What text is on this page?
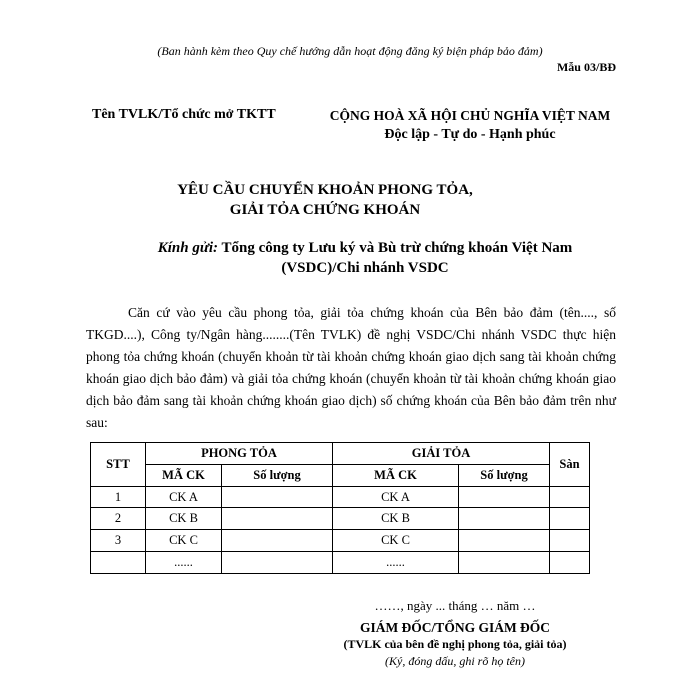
(Ban hành kèm theo Quy chế hướng dẫn hoạt động đăng ký biện pháp bảo đảm)
Mẫu 03/BĐ
Tên TVLK/Tổ chức mở TKTT	CỘNG HOÀ XÃ HỘI CHỦ NGHĨA VIỆT NAM
Độc lập - Tự do - Hạnh phúc
YÊU CẦU CHUYỂN KHOẢN PHONG TỎA,
GIẢI TỎA CHỨNG KHOÁN
Kính gửi: Tổng công ty Lưu ký và Bù trừ chứng khoán Việt Nam
(VSDC)/Chi nhánh VSDC
Căn cứ vào yêu cầu phong tỏa, giải tỏa chứng khoán của Bên bảo đảm (tên...., số TKGD....), Công ty/Ngân hàng........(Tên TVLK) đề nghị VSDC/Chi nhánh VSDC thực hiện phong tỏa chứng khoán (chuyển khoản từ tài khoản chứng khoán giao dịch sang tài khoản chứng khoán giao dịch bảo đảm) và giải tỏa chứng khoán (chuyển khoản từ tài khoản chứng khoán giao dịch bảo đảm sang tài khoản chứng khoán giao dịch) số chứng khoán của Bên bảo đảm trên như sau:
STT	PHONG TỎA		GIẢI TỎA		Sàn
	MÃ CK	Số lượng	MÃ CK	Số lượng	
1	CK A		CK A		
2	CK B		CK B		
3	CK C		CK C		
	......		......		
……, ngày ... tháng … năm …
GIÁM ĐỐC/TỔNG GIÁM ĐỐC
(TVLK của bên đề nghị phong tỏa, giải tỏa)
(Ký, đóng dấu, ghi rõ họ tên)
